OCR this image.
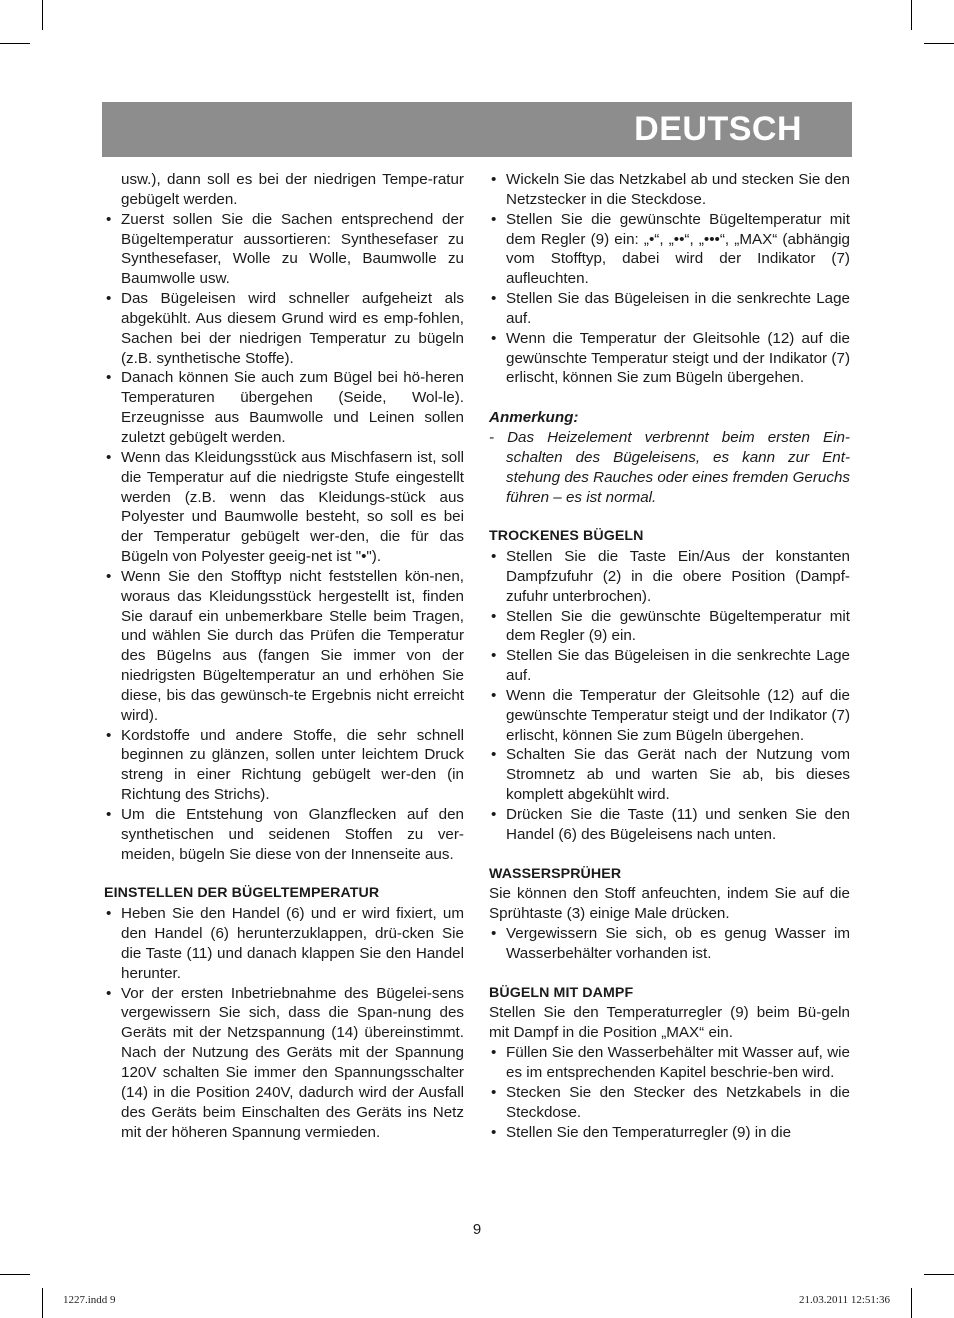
DEUTSCH

usw.), dann soll es bei der niedrigen Tempe-ratur gebügelt werden.

• Zuerst sollen Sie die Sachen entsprechend der Bügeltemperatur aussortieren: Synthesefaser zu Synthesefaser, Wolle zu Wolle, Baumwolle zu Baumwolle usw.
• Das Bügeleisen wird schneller aufgeheizt als abgekühlt. Aus diesem Grund wird es emp-fohlen, Sachen bei der niedrigen Temperatur zu bügeln (z.B. synthetische Stoffe).
• Danach können Sie auch zum Bügel bei hö-heren Temperaturen übergehen (Seide, Wol-le). Erzeugnisse aus Baumwolle und Leinen sollen zuletzt gebügelt werden.
• Wenn das Kleidungsstück aus Mischfasern ist, soll die Temperatur auf die niedrigste Stufe eingestellt werden (z.B. wenn das Kleidungs-stück aus Polyester und Baumwolle besteht, so soll es bei der Temperatur gebügelt wer-den, die für das Bügeln von Polyester geeig-net ist "•").
• Wenn Sie den Stofftyp nicht feststellen kön-nen, woraus das Kleidungsstück hergestellt ist, finden Sie darauf ein unbemerkbare Stelle beim Tragen, und wählen Sie durch das Prüfen die Temperatur des Bügelns aus (fangen Sie immer von der niedrigsten Bügeltemperatur an und erhöhen Sie diese, bis das gewünsch-te Ergebnis nicht erreicht wird).
• Kordstoffe und andere Stoffe, die sehr schnell beginnen zu glänzen, sollen unter leichtem Druck streng in einer Richtung gebügelt wer-den (in Richtung des Strichs).
• Um die Entstehung von Glanzflecken auf den synthetischen und seidenen Stoffen zu ver-meiden, bügeln Sie diese von der Innenseite aus.

EINSTELLEN DER BÜGELTEMPERATUR

• Heben Sie den Handel (6) und er wird fixiert, um den Handel (6) herunterzuklappen, drü-cken Sie die Taste (11) und danach klappen Sie den Handel herunter.
• Vor der ersten Inbetriebnahme des Bügelei-sens vergewissern Sie sich, dass die Span-nung des Geräts mit der Netzspannung (14) übereinstimmt. Nach der Nutzung des Geräts mit der Spannung 120V schalten Sie immer den Spannungsschalter (14) in die Position 240V, dadurch wird der Ausfall des Geräts beim Einschalten des Geräts ins Netz mit der höheren Spannung vermieden.
• Wickeln Sie das Netzkabel ab und stecken Sie den Netzstecker in die Steckdose.
• Stellen Sie die gewünschte Bügeltemperatur mit dem Regler (9) ein: „•“, „••“, „•••“, „MAX“ (abhängig vom Stofftyp, dabei wird der Indikator (7) aufleuchten.
• Stellen Sie das Bügeleisen in die senkrechte Lage auf.
• Wenn die Temperatur der Gleitsohle (12) auf die gewünschte Temperatur steigt und der Indikator (7) erlischt, können Sie zum Bügeln übergehen.

Anmerkung:

- Das Heizelement verbrennt beim ersten Ein-schalten des Bügeleisens, es kann zur Ent-stehung des Rauches oder eines fremden Geruchs führen – es ist normal.

TROCKENES BÜGELN

• Stellen Sie die Taste Ein/Aus der konstanten Dampfzufuhr (2) in die obere Position (Dampf-zufuhr unterbrochen).
• Stellen Sie die gewünschte Bügeltemperatur mit dem Regler (9) ein.
• Stellen Sie das Bügeleisen in die senkrechte Lage auf.
• Wenn die Temperatur der Gleitsohle (12) auf die gewünschte Temperatur steigt und der Indikator (7) erlischt, können Sie zum Bügeln übergehen.
• Schalten Sie das Gerät nach der Nutzung vom Stromnetz ab und warten Sie ab, bis dieses komplett abgekühlt wird.
• Drücken Sie die Taste (11) und senken Sie den Handel (6) des Bügeleisens nach unten.

WASSERSPRÜHER

Sie können den Stoff anfeuchten, indem Sie auf die Sprühtaste (3) einige Male drücken.

• Vergewissern Sie sich, ob es genug Wasser im Wasserbehälter vorhanden ist.

BÜGELN MIT DAMPF

Stellen Sie den Temperaturregler (9) beim Bü-geln mit Dampf in die Position „MAX“ ein.

• Füllen Sie den Wasserbehälter mit Wasser auf, wie es im entsprechenden Kapitel beschrie-ben wird.
• Stecken Sie den Stecker des Netzkabels in die Steckdose.
• Stellen Sie den Temperaturregler (9) in die
9
1227.indd 9	21.03.2011 12:51:36
